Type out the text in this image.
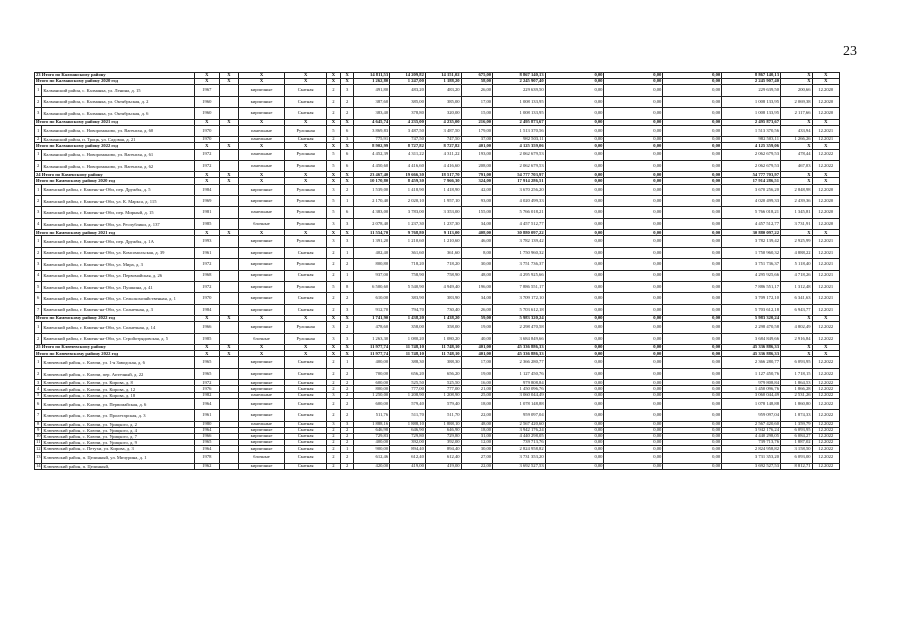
23
23 Итого по Калманскому району		X	X	X	X	X	X	14 811,53	14 209,82	14 151,02	675,00	8 867 140,13	0,00	0,00	0,00	8 867 140,13	X	X
Итого по Калманскому району 2020 год		X	X	X	X	X	X	1 262,80	1 247,00	1 188,20	58,00	2 245 907,40	0,00	0,00	0,00	2 245 907,40	X	X
1	Калманский район, с. Калманка, ул. Ленина, д. 15	1967		кирпичные	Скатная	2	3	491,80	483,20	483,20	26,00	229 639,50	0,00	0,00	0,00	229 639,50	200,66	12.2020
2	Калманский район, с. Калманка, ул. Октябрьская, д. 2	1960		кирпичные	Скатная	2	2	387,60	385,00	385,00	17,00	1 008 133,95	0,00	0,00	0,00	1 008 133,95	2 069,38	12.2020
3	Калманский район, с. Калманка, ул. Октябрьская, д. 6	1960		кирпичные	Скатная	2	2	383,40	378,80	320,00	15,00	1 008 133,95	0,00	0,00	0,00	1 008 133,95	2 117,66	12.2020
Итого по Калманскому району 2021 год		X	X	X	X	X	X	4 645,74	4 235,00	4 235,00	216,00	2 495 873,67	0,00	0,00	0,00	2 495 873,67	X	X
1	Калманский район, с. Новороманово, ул. Вагенгая, д. 60	1970		панельные	Рулонная	5	6	3 869,83	3 487,50	3 487,50	179,00	1 513 370,56	0,00	0,00	0,00	1 513 370,56	433,94	12.2021
2	Калманский район, п. Троцк, ул. Садовая, д. 21	1970		панельные	Скатная	2	3	775,91	747,50	747,50	37,00	982 503,11	0,00	0,00	0,00	982 503,11	1 266,26	12.2021
Итого по Калманскому району 2022 год		X	X	X	X	X	X	8 902,99	8 727,82	8 727,82	401,00	4 125 359,06	0,00	0,00	0,00	4 125 359,06	X	X
1	Калманский район, с. Новороманово, ул. Вагенгая, д. 61	1972		панельные	Рулонная	5	6	4 452,39	4 311,22	4 311,22	193,00	2 062 679,53	0,00	0,00	0,00	2 062 679,53	478,44	12.2022
2	Калманский район, с. Новороманово, ул. Вагенгая, д. 62	1972		панельные	Рулонная	5	6	4 450,60	4 416,60	4 416,60	208,00	2 062 679,53	0,00	0,00	0,00	2 062 679,53	467,03	12.2022
24 Итого по Каменскому району		X	X	X	X	X	X	23 467,40	19 666,30	18 517,70	791,00	54 777 703,97	0,00	0,00	0,00	54 777 703,97	X	X
Итого по Каменскому району 2020 год		X	X	X	X	X	X	10 170,80	8 459,30	7 966,30	324,00	17 914 286,51	0,00	0,00	0,00	17 914 286,51	X	X
1	Каменский район, г. Камень-на-Оби, пер. Дружбы, д. 5	1984		кирпичные	Рулонная	3	2	1 539,00	1 418,90	1 418,90	42,00	3 670 256,20	0,00	0,00	0,00	3 670 256,20	2 848,98	12.2020
2	Каменский район, г. Камень-на-Оби, ул. К. Маркса, д. 115	1969		кирпичные	Рулонная	5	1	2 170,40	2 020,10	1 957,10	93,00	4 020 499,33	0,00	0,00	0,00	4 020 499,33	2 439,36	12.2020
3	Каменский район, г. Камень-на-Оби, пер. Мирный, д. 15	1981		панельные	Рулонная	5	6	4 383,00	3 783,00	3 353,00	155,00	5 766 018,21	0,00	0,00	0,00	5 766 018,21	1 345,81	12.2020
4	Каменский район, г. Камень-на-Оби, ул. Республики, д. 137	1985		блочные	Рулонная	3	3	2 078,40	1 237,30	1 237,30	34,00	4 457 512,77	0,00	0,00	0,00	4 457 512,77	3 731,91	12.2020
Итого по Каменскому району 2021 год		X	X	X	X	X	X	11 554,70	9 768,80	9 113,00	408,00	30 880 097,22	0,00	0,00	0,00	30 880 097,22	X	X
1	Каменский район, г. Камень-на-Оби, пер. Дружбы, д. 1А	1993		кирпичные	Рулонная	3	3	1 391,20	1 210,60	1 210,60	46,00	3 782 139,42	0,00	0,00	0,00	3 782 139,42	2 925,99	12.2021
2	Каменский район, г. Камень-на-Оби, ул. Комсомольская, д. 39	1961		кирпичные	Скатная	2	1	402,40	361,60	361,60	8,00	1 750 960,32	0,00	0,00	0,00	1 750 960,32	4 888,22	12.2021
3	Каменский район, г. Камень-на-Оби, ул. Мира, д. 3	1972		кирпичные	Рулонная	2	2	800,80	718,20	718,20	30,00	3 751 736,37	0,00	0,00	0,00	3 751 736,37	5 118,40	12.2021
4	Каменский район, г. Камень-на-Оби, ул. Первомайская, д. 26	1968		кирпичные	Скатная	2	1	937,00	758,90	758,90	48,00	4 295 925,66	0,00	0,00	0,00	4 295 925,66	4 718,26	12.2021
5	Каменский район, г. Камень-на-Оби, ул. Пушкина, д. 41	1972		кирпичные	Рулонная	5	8	6 500,60	5 540,90	4 949,40	196,00	7 886 551,17	0,00	0,00	0,00	7 886 551,17	1 312,48	12.2021
6	Каменский район, г. Камень-на-Оби, ул. Сельскохозяйственная, д. 1	1970		кирпичные	Скатная	2	2	610,00	383,90	383,90	34,00	3 709 172,10	0,00	0,00	0,00	3 709 172,10	6 341,63	12.2021
7	Каменский район, г. Камень-на-Оби, ул. Солнечная, д. 3	1984		кирпичные	Скатная	2	3	912,70	794,70	730,40	26,00	5 703 612,18	0,00	0,00	0,00	5 703 612,18	6 943,77	12.2021
Итого по Каменскому району 2022 год		X	X	X	X	X	X	1 741,90	1 438,20	1 438,20	59,00	5 983 320,24	0,00	0,00	0,00	5 983 320,24	X	X
1	Каменский район, г. Камень-на-Оби, ул. Солнечная, д. 14	1966		кирпичные	Рулонная	3	2	478,60	358,00	358,00	19,00	2 298 470,58	0,00	0,00	0,00	2 298 470,58	4 802,49	12.2022
2	Каменский район, г. Камень-на-Оби, ул. Стройотрядовская, д. 5	1985		блочные	Рулонная	3	3	1 263,30	1 080,20	1 080,20	40,00	3 684 849,66	0,00	0,00	0,00	3 684 849,66	2 916,84	12.2022
25 Итого по Ключевскому району		X	X	X	X	X	X	11 977,74	11 748,10	11 748,10	401,00	45 336 886,33	0,00	0,00	0,00	45 336 886,33	X	X
Итого по Ключевскому району 2022 год		X	X	X	X	X	X	11 977,74	11 748,10	11 748,10	401,00	45 336 886,33	0,00	0,00	0,00	45 336 886,33	X	X
1	Ключевский район, с. Ключи, ул. 1-я Заводская, д. 6	1965		кирпичные	Скатная	2	1	400,00	388,30	388,30	17,00	2 366 280,77	0,00	0,00	0,00	2 366 280,77	6 093,95	12.2022
2	Ключевский район, с. Ключи, пер. Аптечный, д. 22	1965		кирпичные	Скатная	2	2	700,00	656,20	656,20	19,00	1 127 450,76	0,00	0,00	0,00	1 127 450,76	1 718,15	12.2022
3	Ключевский район, с. Ключи, ул. Кирова, д. 8	1972		кирпичные	Скатная	2	2	600,00	525,50	525,50	16,00	979 808,84	0,00	0,00	0,00	979 808,84	1 864,53	12.2022
4	Ключевский район, с. Ключи, ул. Кирова, д. 12	1976		кирпичные	Скатная	2	2	800,00	777,00	777,00	21,00	1 450 096,76	0,00	0,00	0,00	1 450 096,76	1 866,28	12.2022
5	Ключевский район, с. Ключи, ул. Кирова, д. 18	1982		панельные	Скатная	3	2	1 250,00	1 208,90	1 208,90	25,00	3 060 044,49	0,00	0,00	0,00	3 060 044,49	2 531,26	12.2022
6	Ключевский район, с. Ключи, ул. Первомайская, д. 6	1964		кирпичные	Скатная	2	2	600,00	579,40	579,40	18,00	1 078 148,88	0,00	0,00	0,00	1 078 148,88	1 860,80	12.2022
7	Ключевский район, с. Ключи, ул. Пролетарская, д. 3	1961		кирпичные	Скатная	2	2	511,76	511,70	511,70	22,00	959 097,04	0,00	0,00	0,00	959 097,04	1 874,33	12.2022
8	Ключевский район, с. Ключи, ул. Урицкого, д. 2	1980		панельные	Скатная	3	3	1 888,16	1 888,10	1 888,10	48,00	2 567 420,60	0,00	0,00	0,00	2 567 420,60	1 359,79	12.2022
9	Ключевский район, с. Ключи, ул. Урицкого, д. 4	1964		кирпичные	Скатная	2	2	646,98	646,90	646,90	18,00	3 942 176,24	0,00	0,00	0,00	3 942 176,24	6 093,95	12.2022
10	Ключевский район, с. Ключи, ул. Урицкого, д. 7	1966		кирпичные	Скатная	2	2	729,83	729,80	729,80	31,00	4 440 298,05	0,00	0,00	0,00	4 440 298,05	6 084,27	12.2022
11	Ключевский район, с. Ключи, ул. Урицкого, д. 9	1965		кирпичные	Скатная	2	2	400,00	392,00	392,00	12,00	739 713,76	0,00	0,00	0,00	739 713,76	1 887,02	12.2022
12	Ключевский район, с. Петухи, ул. Кирова, д. 3	1964		кирпичные	Скатная	2	1	900,00	894,40	894,40	30,00	2 824 958,82	0,00	0,00	0,00	2 824 958,82	3 158,50	12.2022
13	Ключевский район, п. Целинный, ул. Мичурина, д. 1	1978		блочные	Скатная	2	2	612,46	612,40	612,40	27,00	3 731 353,20	0,00	0,00	0,00	3 731 353,20	6 093,00	12.2022
14	Ключевский район, п. Целинный,	1962		кирпичные	Скатная	2	2	420,00	419,00	419,00	22,00	3 692 527,53	0,00	0,00	0,00	3 692 527,53	8 812,71	12.2022
